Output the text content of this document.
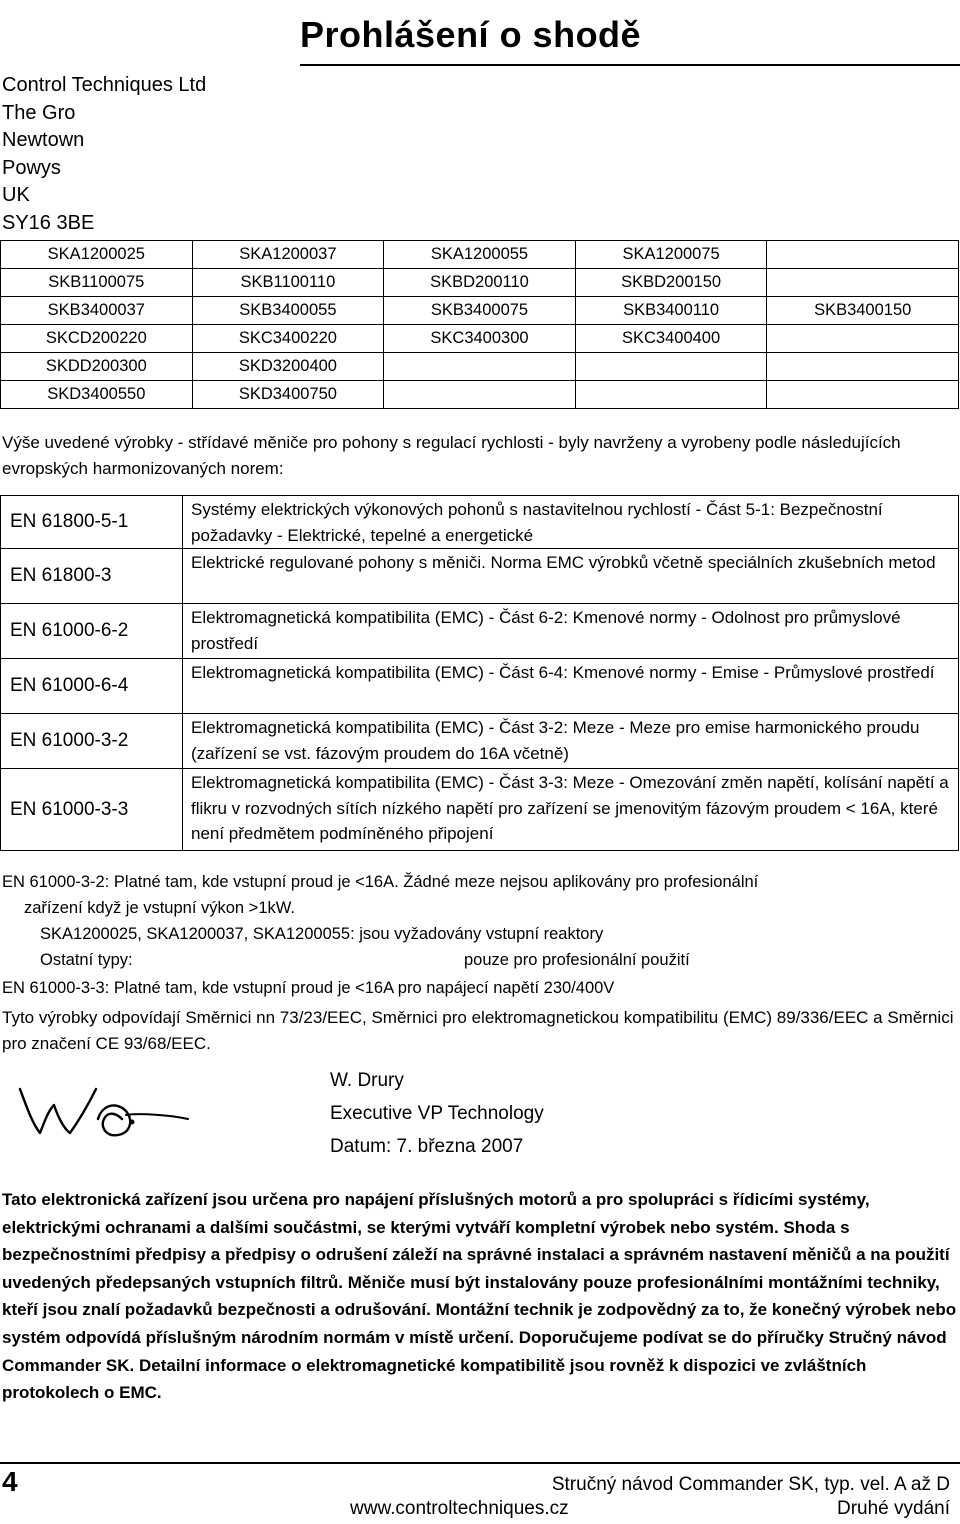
Prohlášení o shodě
Control Techniques Ltd
The Gro
Newtown
Powys
UK
SY16 3BE
SKA1200025	SKA1200037	SKA1200055	SKA1200075	
SKB1100075	SKB1100110	SKBD200110	SKBD200150	
SKB3400037	SKB3400055	SKB3400075	SKB3400110	SKB3400150
SKCD200220	SKC3400220	SKC3400300	SKC3400400	
SKDD200300	SKD3200400			
SKD3400550	SKD3400750			
Výše uvedené výrobky - střídavé měniče pro pohony s regulací rychlosti - byly navrženy a vyrobeny podle následujících evropských harmonizovaných norem:
EN 61800-5-1	Systémy elektrických výkonových pohonů s nastavitelnou rychlostí - Část 5-1: Bezpečnostní požadavky - Elektrické, tepelné a energetické
EN 61800-3	Elektrické regulované pohony s měniči. Norma EMC výrobků včetně speciálních zkušebních metod
EN 61000-6-2	Elektromagnetická kompatibilita (EMC) - Část 6-2: Kmenové normy - Odolnost pro průmyslové prostředí
EN 61000-6-4	Elektromagnetická kompatibilita (EMC) - Část 6-4: Kmenové normy - Emise - Průmyslové prostředí
EN 61000-3-2	Elektromagnetická kompatibilita (EMC) - Část 3-2: Meze - Meze pro emise harmonického proudu (zařízení se vst. fázovým proudem do 16A včetně)
EN 61000-3-3	Elektromagnetická kompatibilita (EMC) - Část 3-3: Meze - Omezování změn napětí, kolísání napětí a flikru v rozvodných sítích nízkého napětí pro zařízení se jmenovitým fázovým proudem < 16A, které není předmětem podmíněného připojení
EN 61000-3-2: Platné tam, kde vstupní proud je <16A. Žádné meze nejsou aplikovány pro profesionální
zařízení když je vstupní výkon >1kW.
SKA1200025, SKA1200037, SKA1200055: jsou vyžadovány vstupní reaktory
Ostatní typy:	pouze pro profesionální použití
EN 61000-3-3: Platné tam, kde vstupní proud je <16A pro napájecí napětí 230/400V
Tyto výrobky odpovídají Směrnici nn 73/23/EEC, Směrnici pro elektromagnetickou kompatibilitu (EMC) 89/336/EEC a Směrnici pro značení CE 93/68/EEC.
W. Drury
Executive VP Technology
Datum: 7. března 2007
Tato elektronická zařízení jsou určena pro napájení příslušných motorů a pro spolupráci s řídicími systémy, elektrickými ochranami a dalšími součástmi, se kterými vytváří kompletní výrobek nebo systém. Shoda s bezpečnostními předpisy a předpisy o odrušení záleží na správné instalaci a správném nastavení měničů a na použití uvedených předepsaných vstupních filtrů. Měniče musí být instalovány pouze profesionálními montážními techniky, kteří jsou znalí požadavků bezpečnosti a odrušování. Montážní technik je zodpovědný za to, že konečný výrobek nebo systém odpovídá příslušným národním normám v místě určení. Doporučujeme podívat se do příručky Stručný návod Commander SK. Detailní informace o elektromagnetické kompatibilitě jsou rovněž k dispozici ve zvláštních protokolech o EMC.
4	Stručný návod Commander SK, typ. vel. A až D
www.controltechniques.cz	Druhé vydání
